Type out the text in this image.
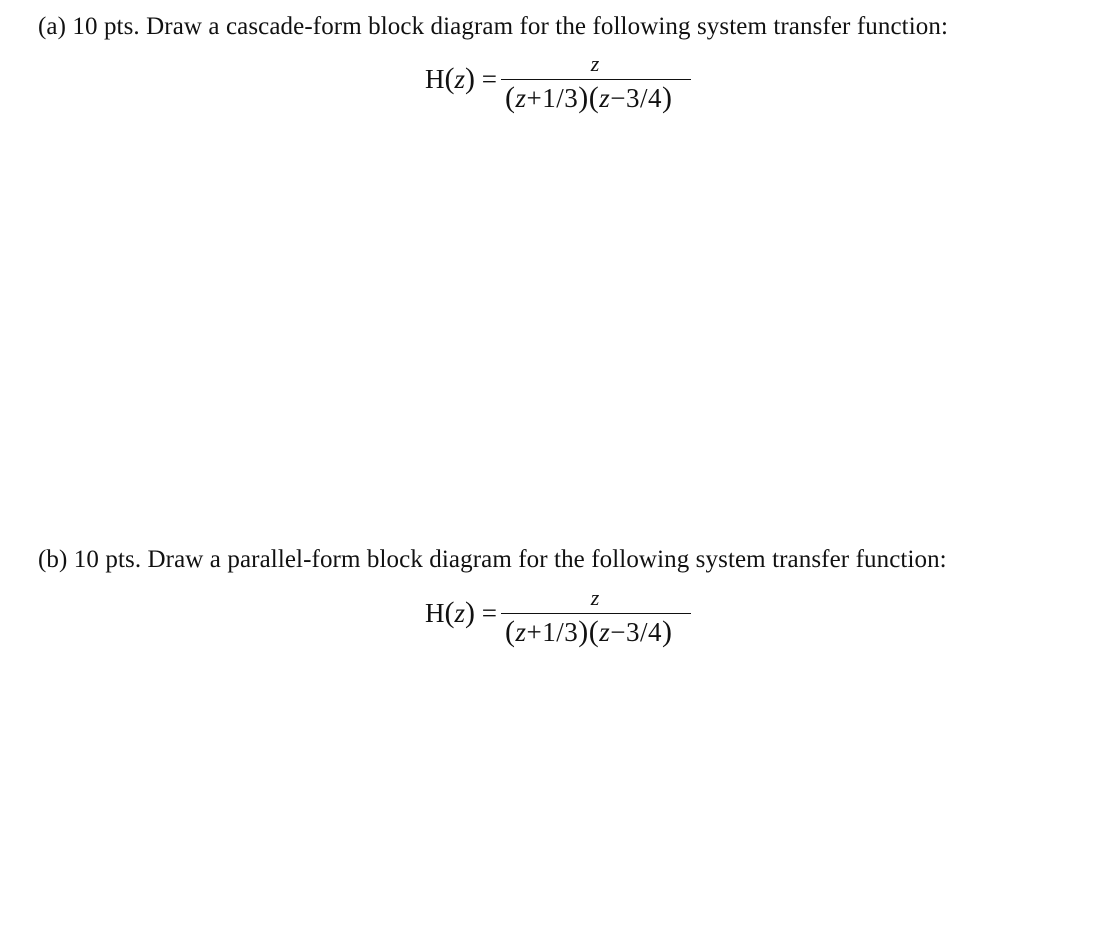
(a) 10 pts. Draw a cascade-form block diagram for the following system transfer function:
H(z) =
z
(z+1/3)(z−3/4)
(b) 10 pts. Draw a parallel-form block diagram for the following system transfer function:
H(z) =
z
(z+1/3)(z−3/4)
